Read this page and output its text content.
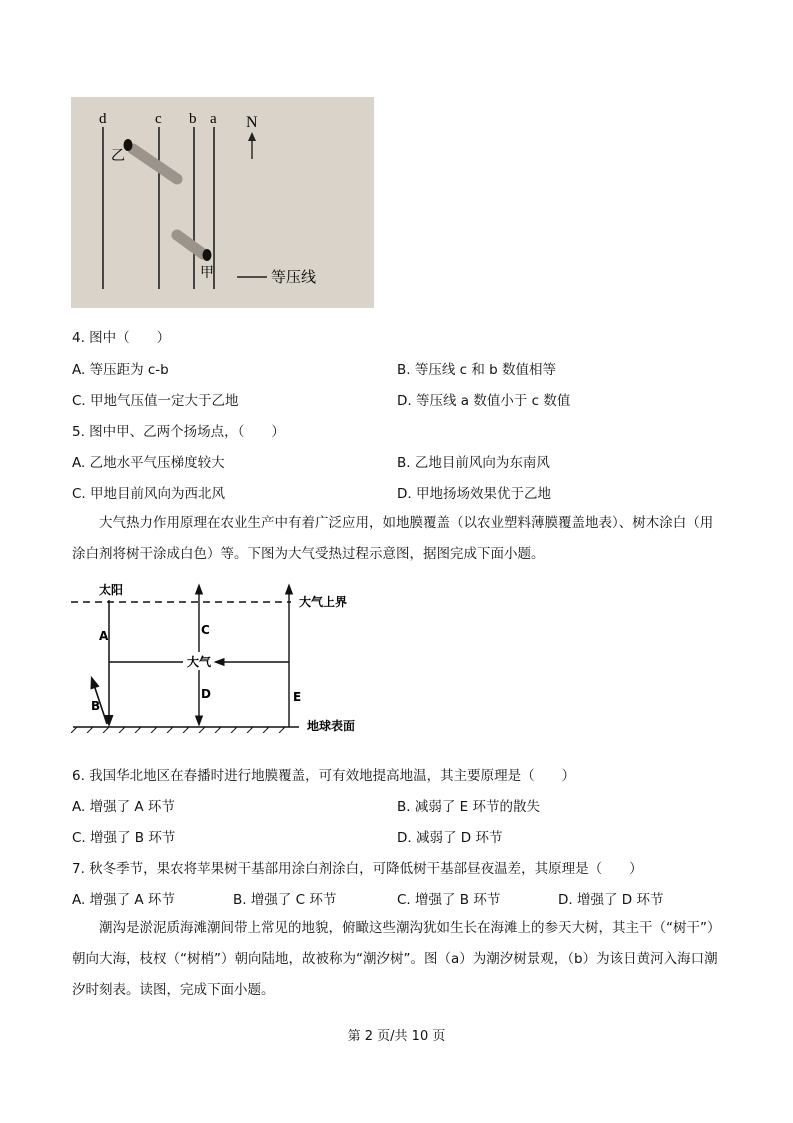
d	c b a N
乙
甲	等压线
4. 图中（　　）
A. 等压距为 c-b	B. 等压线 c 和 b 数值相等
C. 甲地气压值一定大于乙地	D. 等压线 a 数值小于 c 数值
5. 图中甲、乙两个扬场点，（　　）
A. 乙地水平气压梯度较大	B. 乙地目前风向为东南风
C. 甲地目前风向为西北风	D. 甲地扬场效果优于乙地
大气热力作用原理在农业生产中有着广泛应用，如地膜覆盖（以农业塑料薄膜覆盖地表）、树木涂白（用涂白剂将树干涂成白色）等。下图为大气受热过程示意图，据图完成下面小题。
太阳
大气上界
地球表面
A
B
大气
C
D	E
6. 我国华北地区在春播时进行地膜覆盖，可有效地提高地温，其主要原理是（　　）
A. 增强了 A 环节	B. 减弱了 E 环节的散失
C. 增强了 B 环节	D. 减弱了 D 环节
7. 秋冬季节，果农将苹果树干基部用涂白剂涂白，可降低树干基部昼夜温差，其原理是（　　）
A. 增强了 A 环节	B. 增强了 C 环节	C. 增强了 B 环节	D. 增强了 D 环节
潮沟是淤泥质海滩潮间带上常见的地貌，俯瞰这些潮沟犹如生长在海滩上的参天大树，其主干（“树干”）朝向大海，枝杈（“树梢”）朝向陆地，故被称为“潮汐树”。图（a）为潮汐树景观，（b）为该日黄河入海口潮汐时刻表。读图，完成下面小题。
第 2 页/共 10 页
